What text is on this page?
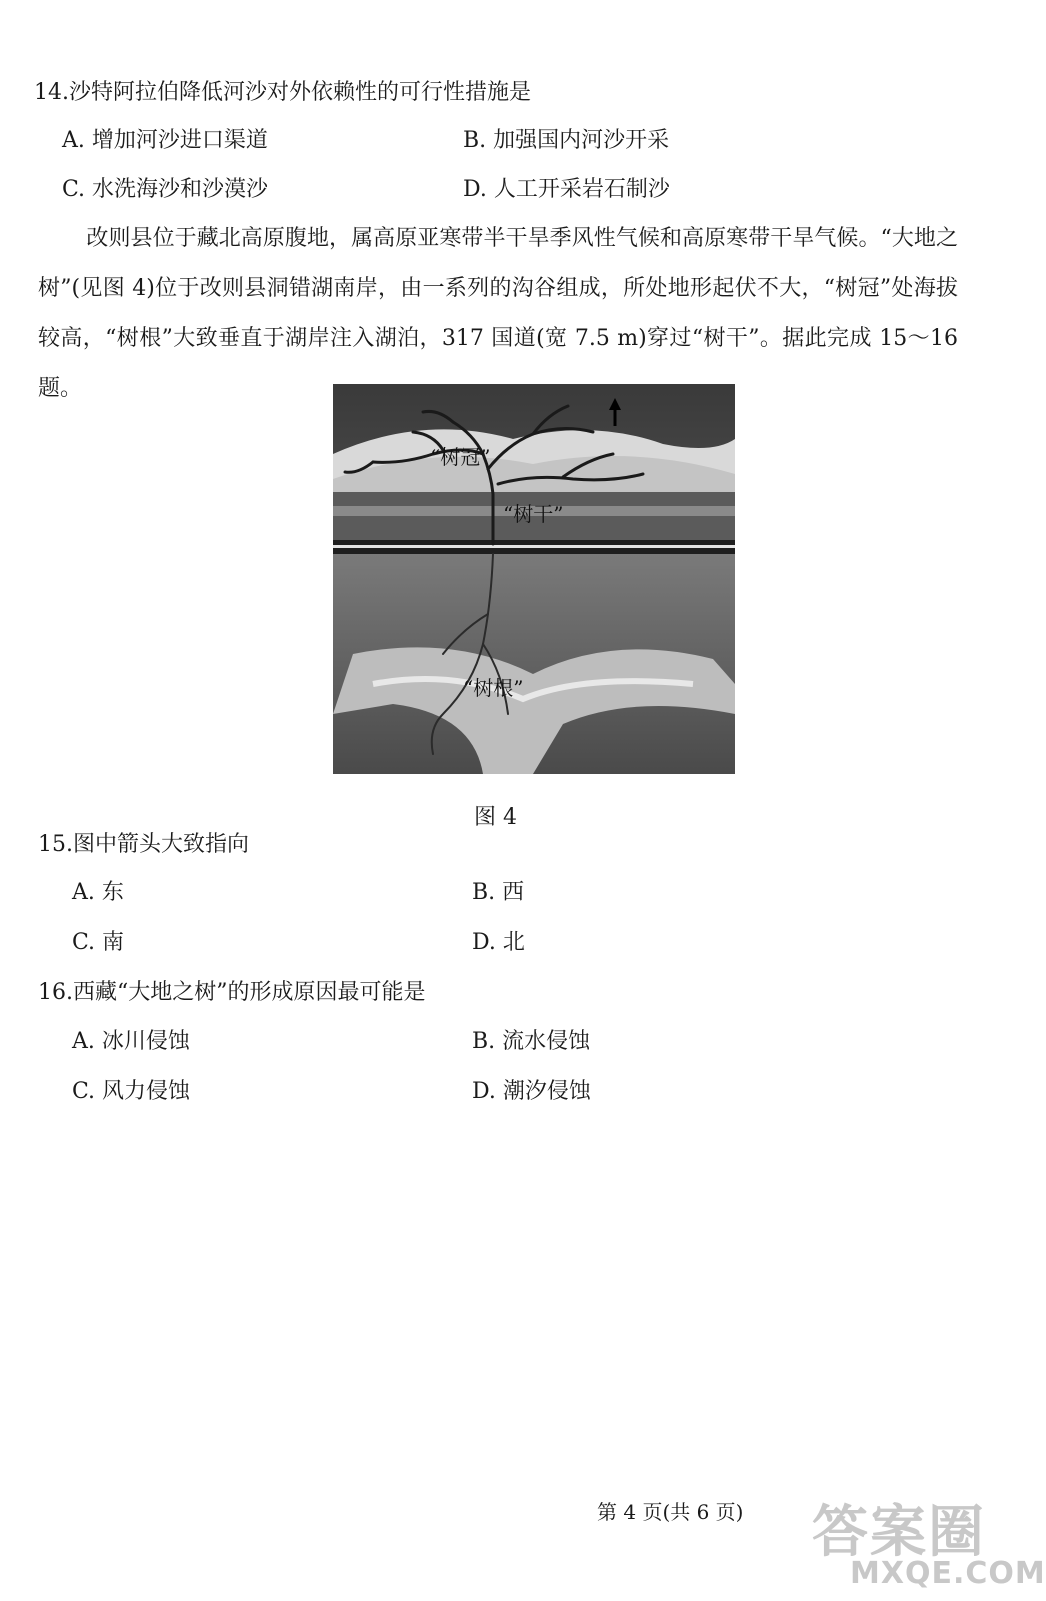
14.沙特阿拉伯降低河沙对外依赖性的可行性措施是
A. 增加河沙进口渠道	B. 加强国内河沙开采
C. 水洗海沙和沙漠沙	D. 人工开采岩石制沙

改则县位于藏北高原腹地，属高原亚寒带半干旱季风性气候和高原寒带干旱气候。“大地之树”(见图 4)位于改则县洞错湖南岸，由一系列的沟谷组成，所处地形起伏不大，“树冠”处海拔较高，“树根”大致垂直于湖岸注入湖泊，317 国道(宽 7.5 m)穿过“树干”。据此完成 15～16 题。

“树冠”
“树干”
“树根”
图 4
15.图中箭头大致指向
A. 东	B. 西
C. 南	D. 北
16.西藏“大地之树”的形成原因最可能是
A. 冰川侵蚀	B. 流水侵蚀
C. 风力侵蚀	D. 潮汐侵蚀
第 4 页(共 6 页) 答案圈
MXQE.COM
